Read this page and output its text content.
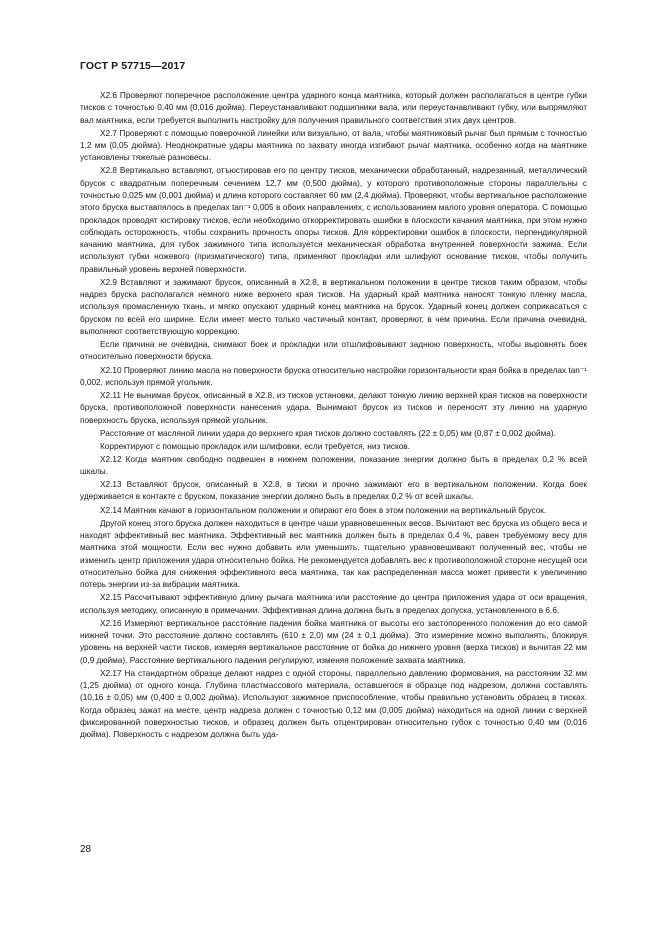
ГОСТ Р 57715—2017

X2.6 Проверяют поперечное расположение центра ударного конца маятника, который должен располагаться в центре губки тисков с точностью 0,40 мм (0,016 дюйма). Переустанавливают подшипники вала, или переустанавливают губку, или выпрямляют вал маятника, если требуется выполнить настройку для получения правильного соответствия этих двух центров.

X2.7 Проверяют с помощью поверочной линейки или визуально, от вала, чтобы маятниковый рычаг был прямым с точностью 1,2 мм (0,05 дюйма). Неоднократные удары маятника по захвату иногда изгибают рычаг маятника, особенно когда на маятнике установлены тяжелые разновесы.

X2.8 Вертикально вставляют, отъюстировав его по центру тисков, механически обработанный, надрезанный, металлический брусок с квадратным поперечным сечением 12,7 мм (0,500 дюйма), у которого противоположные стороны параллельны с точностью 0,025 мм (0,001 дюйма) и длина которого составляет 60 мм (2,4 дюйма). Проверяют, чтобы вертикальное расположение этого бруска выставлялось в пределах tan⁻¹ 0,005 в обоих направлениях, с использованием малого уровня оператора. С помощью прокладок проводят юстировку тисков, если необходимо откорректировать ошибки в плоскости качания маятника, при этом нужно соблюдать осторожность, чтобы сохранить прочность опоры тисков. Для корректировки ошибок в плоскости, перпендикулярной качанию маятника, для губок зажимного типа используется механическая обработка внутренней поверхности зажима. Если используют губки ножевого (призматического) типа, применяют прокладки или шлифуют основание тисков, чтобы получить правильный уровень верхней поверхности.

X2.9 Вставляют и зажимают брусок, описанный в X2.8, в вертикальном положении в центре тисков таким образом, чтобы надрез бруска располагался немного ниже верхнего края тисков. На ударный край маятника наносят тонкую пленку масла, используя промасленную ткань, и мягко опускают ударный конец маятника на брусок. Ударный конец должен соприкасаться с бруском по всей его ширине. Если имеет место только частичный контакт, проверяют, в чем причина. Если причина очевидна, выполняют соответствующую коррекцию.

Если причина не очевидна, снимают боек и прокладки или отшлифовывают заднюю поверхность, чтобы выровнять боек относительно поверхности бруска.

X2.10 Проверяют линию масла на поверхности бруска относительно настройки горизонтальности края бойка в пределах tan⁻¹ 0,002, используя прямой угольник.

X2.11 Не вынимая брусок, описанный в X2.8, из тисков установки, делают тонкую линию верхней края тисков на поверхности бруска, противоположной поверхности нанесения удара. Вынимают брусок из тисков и переносят эту линию на ударную поверхность бруска, используя прямой угольник.

Расстояние от масляной линии удара до верхнего края тисков должно составлять (22 ± 0,05) мм (0,87 ± 0,002 дюйма).

Корректируют с помощью прокладок или шлифовки, если требуется, низ тисков.

X2.12 Когда маятник свободно подвешен в нижнем положении, показание энергии должно быть в пределах 0,2 % всей шкалы.

X2.13 Вставляют брусок, описанный в X2.8, в тиски и прочно зажимают его в вертикальном положении. Когда боек удерживается в контакте с бруском, показание энергии должно быть в пределах 0,2 % от всей шкалы.

X2.14 Маятник качают в горизонтальном положении и опирают его боек в этом положении на вертикальный брусок.

Другой конец этого бруска должен находиться в центре чаши уравновешенных весов. Вычитают вес бруска из общего веса и находят эффективный вес маятника. Эффективный вес маятника должен быть в пределах 0,4 %, равен требуемому весу для маятника этой мощности. Если вес нужно добавить или уменьшить, тщательно уравновешивают полученный вес, чтобы не изменить центр приложения удара относительно бойка. Не рекомендуется добавлять вес к противоположной стороне несущей оси относительно бойка для снижения эффективного веса маятника, так как распределенная масса может привести к увеличению потерь энергии из-за вибрации маятника.

X2.15 Рассчитывают эффективную длину рычага маятника или расстояние до центра приложения удара от оси вращения, используя методику, описанную в примечании. Эффективная длина должна быть в пределах допуска, установленного в 6.6.

X2.16 Измеряют вертикальное расстояние падения бойка маятника от высоты его застопоренного положения до его самой нижней точки. Это расстояние должно составлять (610 ± 2,0) мм (24 ± 0,1 дюйма). Это измерение можно выполнять, блокируя уровень на верхней части тисков, измеряя вертикальное расстояние от бойка до нижнего уровня (верха тисков) и вычитая 22 мм (0,9 дюйма). Расстояние вертикального падения регулируют, изменяя положение захвата маятника.

X2.17 На стандартном образце делают надрез с одной стороны, параллельно давлению формования, на расстоянии 32 мм (1,25 дюйма) от одного конца. Глубина пластмассового материала, оставшегося в образце под надрезом, должна составлять (10,16 ± 0,05) мм (0,400 ± 0,002 дюйма). Используют зажимное приспособление, чтобы правильно установить образец в тисках. Когда образец зажат на месте, центр надреза должен с точностью 0,12 мм (0,005 дюйма) находиться на одной линии с верхней фиксированной поверхностью тисков, и образец должен быть отцентрирован относительно губок с точностью 0,40 мм (0,016 дюйма). Поверхность с надрезом должна быть уда-

28
